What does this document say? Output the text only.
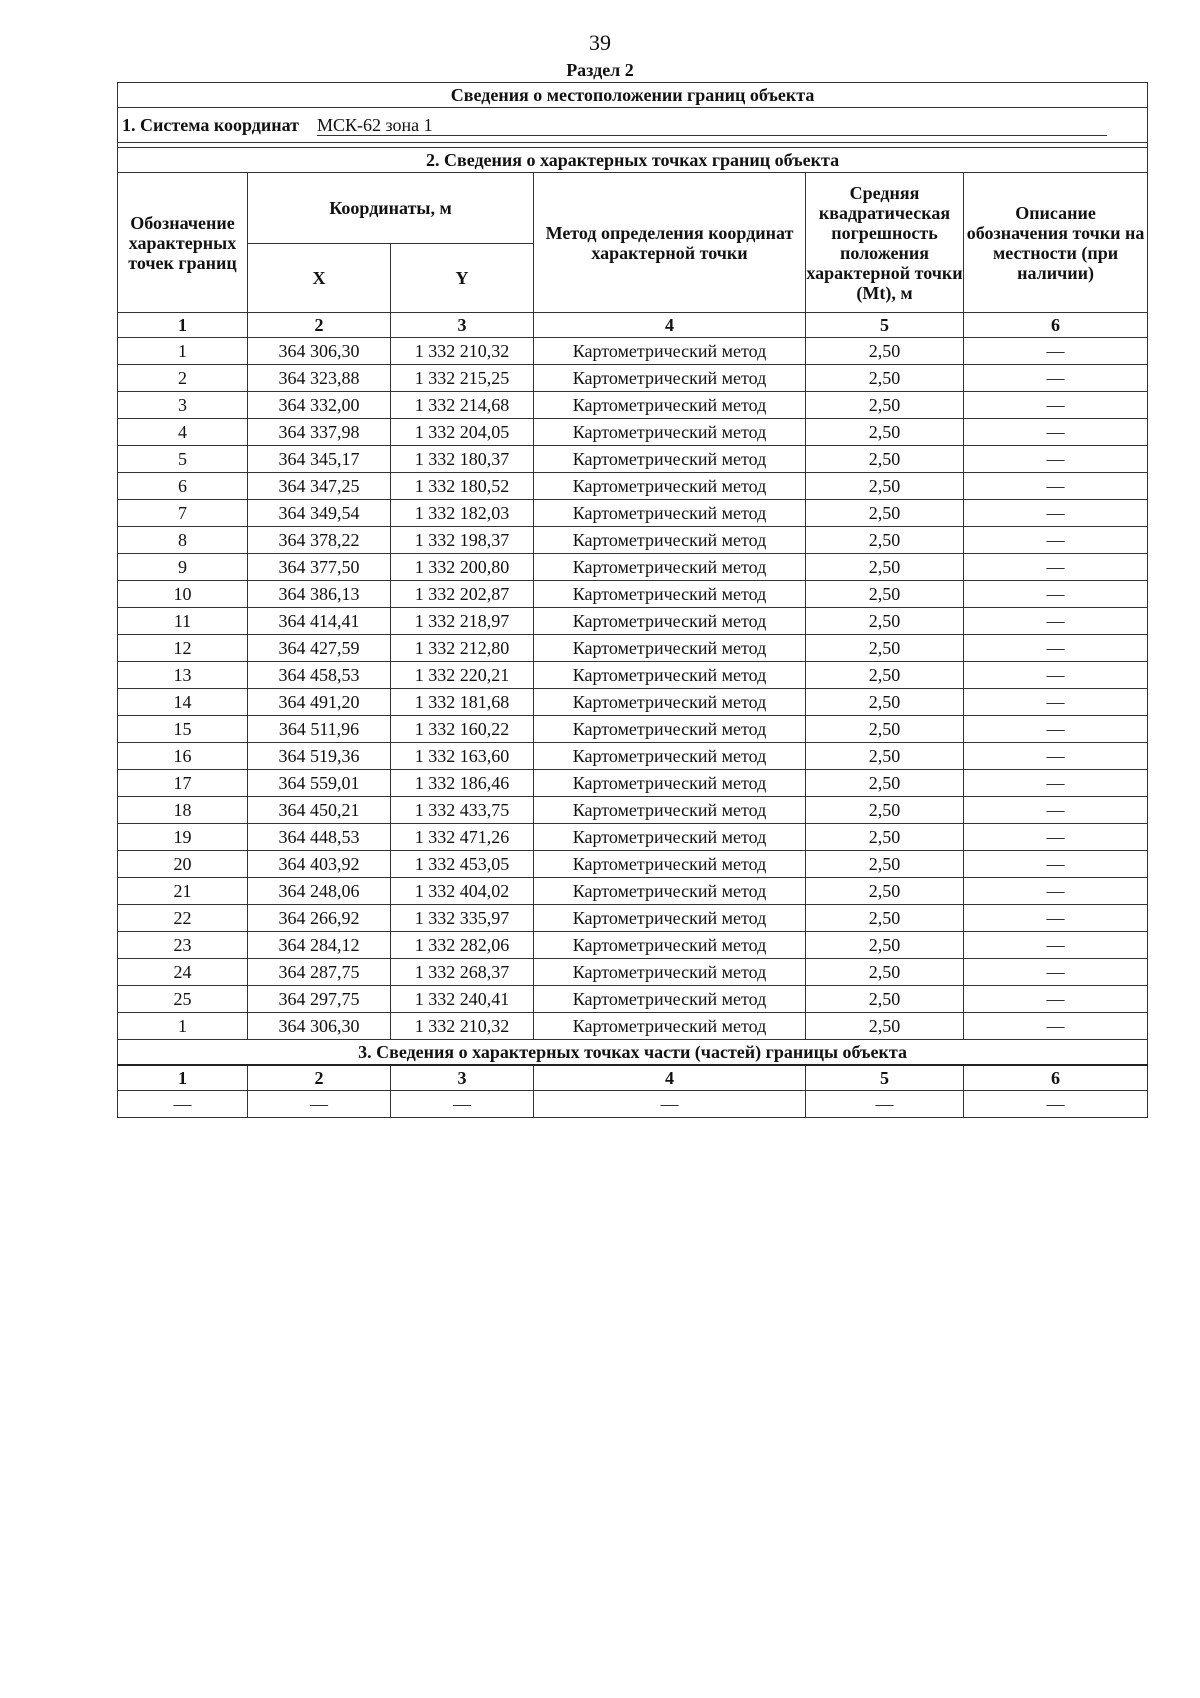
39
Раздел 2
Сведения о местоположении границ объекта					
1. Система координат МСК-62 зона 1					

2. Сведения о характерных точках границ объекта					
Обозначение характерных точек границ	Координаты, м		Метод определения координат характерной точки	Средняя квадратическая погрешность положения характерной точки (Mt), м	Описание обозначения точки на местности (при наличии)
	X	Y			
1	2	3	4	5	6
1	364 306,30	1 332 210,32	Картометрический метод	2,50	—
2	364 323,88	1 332 215,25	Картометрический метод	2,50	—
3	364 332,00	1 332 214,68	Картометрический метод	2,50	—
4	364 337,98	1 332 204,05	Картометрический метод	2,50	—
5	364 345,17	1 332 180,37	Картометрический метод	2,50	—
6	364 347,25	1 332 180,52	Картометрический метод	2,50	—
7	364 349,54	1 332 182,03	Картометрический метод	2,50	—
8	364 378,22	1 332 198,37	Картометрический метод	2,50	—
9	364 377,50	1 332 200,80	Картометрический метод	2,50	—
10	364 386,13	1 332 202,87	Картометрический метод	2,50	—
11	364 414,41	1 332 218,97	Картометрический метод	2,50	—
12	364 427,59	1 332 212,80	Картометрический метод	2,50	—
13	364 458,53	1 332 220,21	Картометрический метод	2,50	—
14	364 491,20	1 332 181,68	Картометрический метод	2,50	—
15	364 511,96	1 332 160,22	Картометрический метод	2,50	—
16	364 519,36	1 332 163,60	Картометрический метод	2,50	—
17	364 559,01	1 332 186,46	Картометрический метод	2,50	—
18	364 450,21	1 332 433,75	Картометрический метод	2,50	—
19	364 448,53	1 332 471,26	Картометрический метод	2,50	—
20	364 403,92	1 332 453,05	Картометрический метод	2,50	—
21	364 248,06	1 332 404,02	Картометрический метод	2,50	—
22	364 266,92	1 332 335,97	Картометрический метод	2,50	—
23	364 284,12	1 332 282,06	Картометрический метод	2,50	—
24	364 287,75	1 332 268,37	Картометрический метод	2,50	—
25	364 297,75	1 332 240,41	Картометрический метод	2,50	—
1	364 306,30	1 332 210,32	Картометрический метод	2,50	—
3. Сведения о характерных точках части (частей) границы объекта					
1	2	3	4	5	6
—	—	—	—	—	—
